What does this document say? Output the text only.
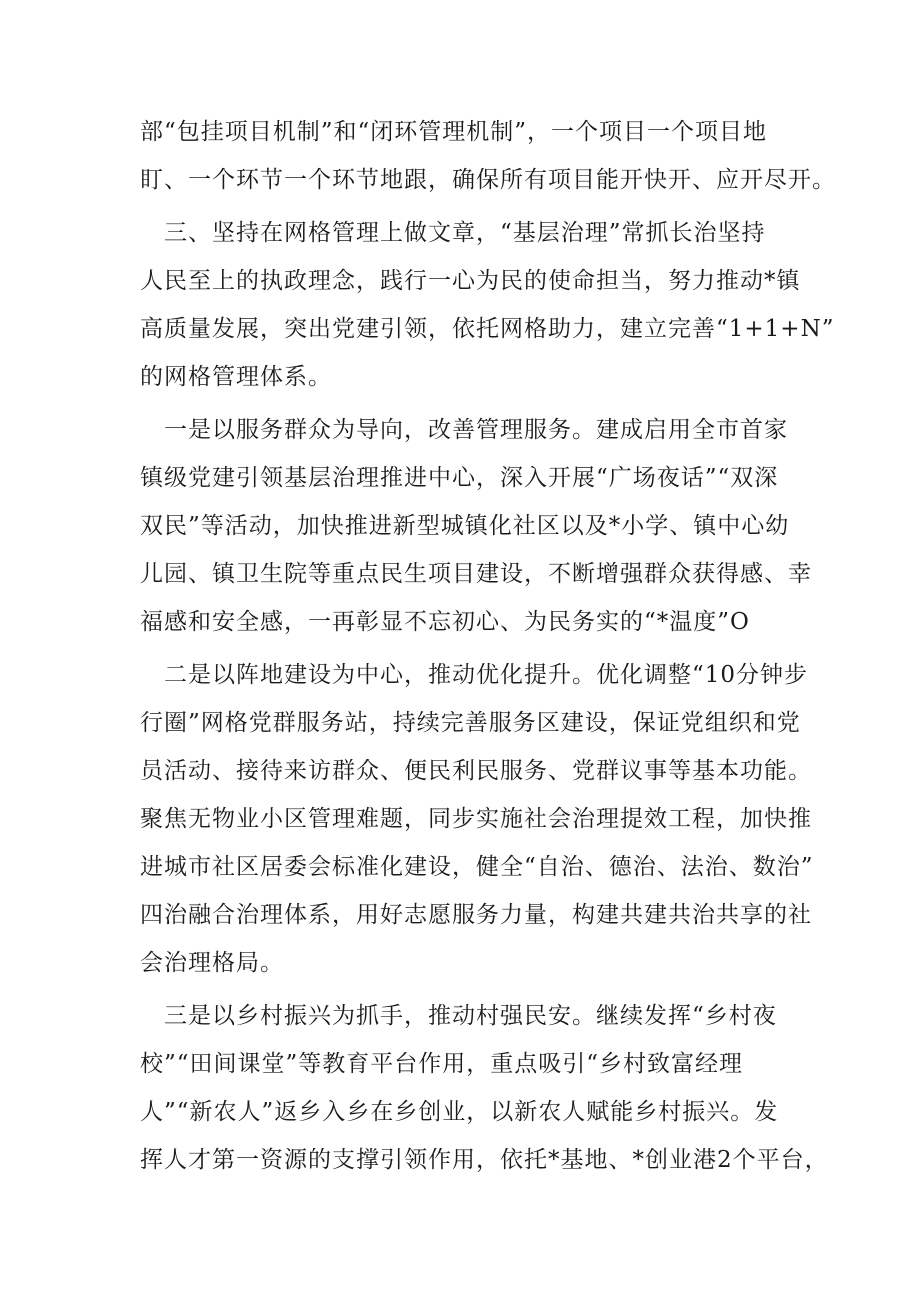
部“包挂项目机制”和“闭环管理机制”，一个项目一个项目地
盯、一个环节一个环节地跟，确保所有项目能开快开、应开尽开。
三、坚持在网格管理上做文章，“基层治理”常抓长治坚持
人民至上的执政理念，践行一心为民的使命担当，努力推动*镇
高质量发展，突出党建引领，依托网格助力，建立完善“1+1+N”
的网格管理体系。
一是以服务群众为导向，改善管理服务。建成启用全市首家
镇级党建引领基层治理推进中心，深入开展“广场夜话”“双深
双民”等活动，加快推进新型城镇化社区以及*小学、镇中心幼
儿园、镇卫生院等重点民生项目建设，不断增强群众获得感、幸
福感和安全感，一再彰显不忘初心、为民务实的“*温度”O
二是以阵地建设为中心，推动优化提升。优化调整“10分钟步
行圈”网格党群服务站，持续完善服务区建设，保证党组织和党
员活动、接待来访群众、便民利民服务、党群议事等基本功能。
聚焦无物业小区管理难题，同步实施社会治理提效工程，加快推
进城市社区居委会标准化建设，健全“自治、德治、法治、数治”
四治融合治理体系，用好志愿服务力量，构建共建共治共享的社
会治理格局。
三是以乡村振兴为抓手，推动村强民安。继续发挥“乡村夜
校”“田间课堂”等教育平台作用，重点吸引“乡村致富经理
人”“新农人”返乡入乡在乡创业，以新农人赋能乡村振兴。发
挥人才第一资源的支撑引领作用，依托*基地、*创业港2个平台，
